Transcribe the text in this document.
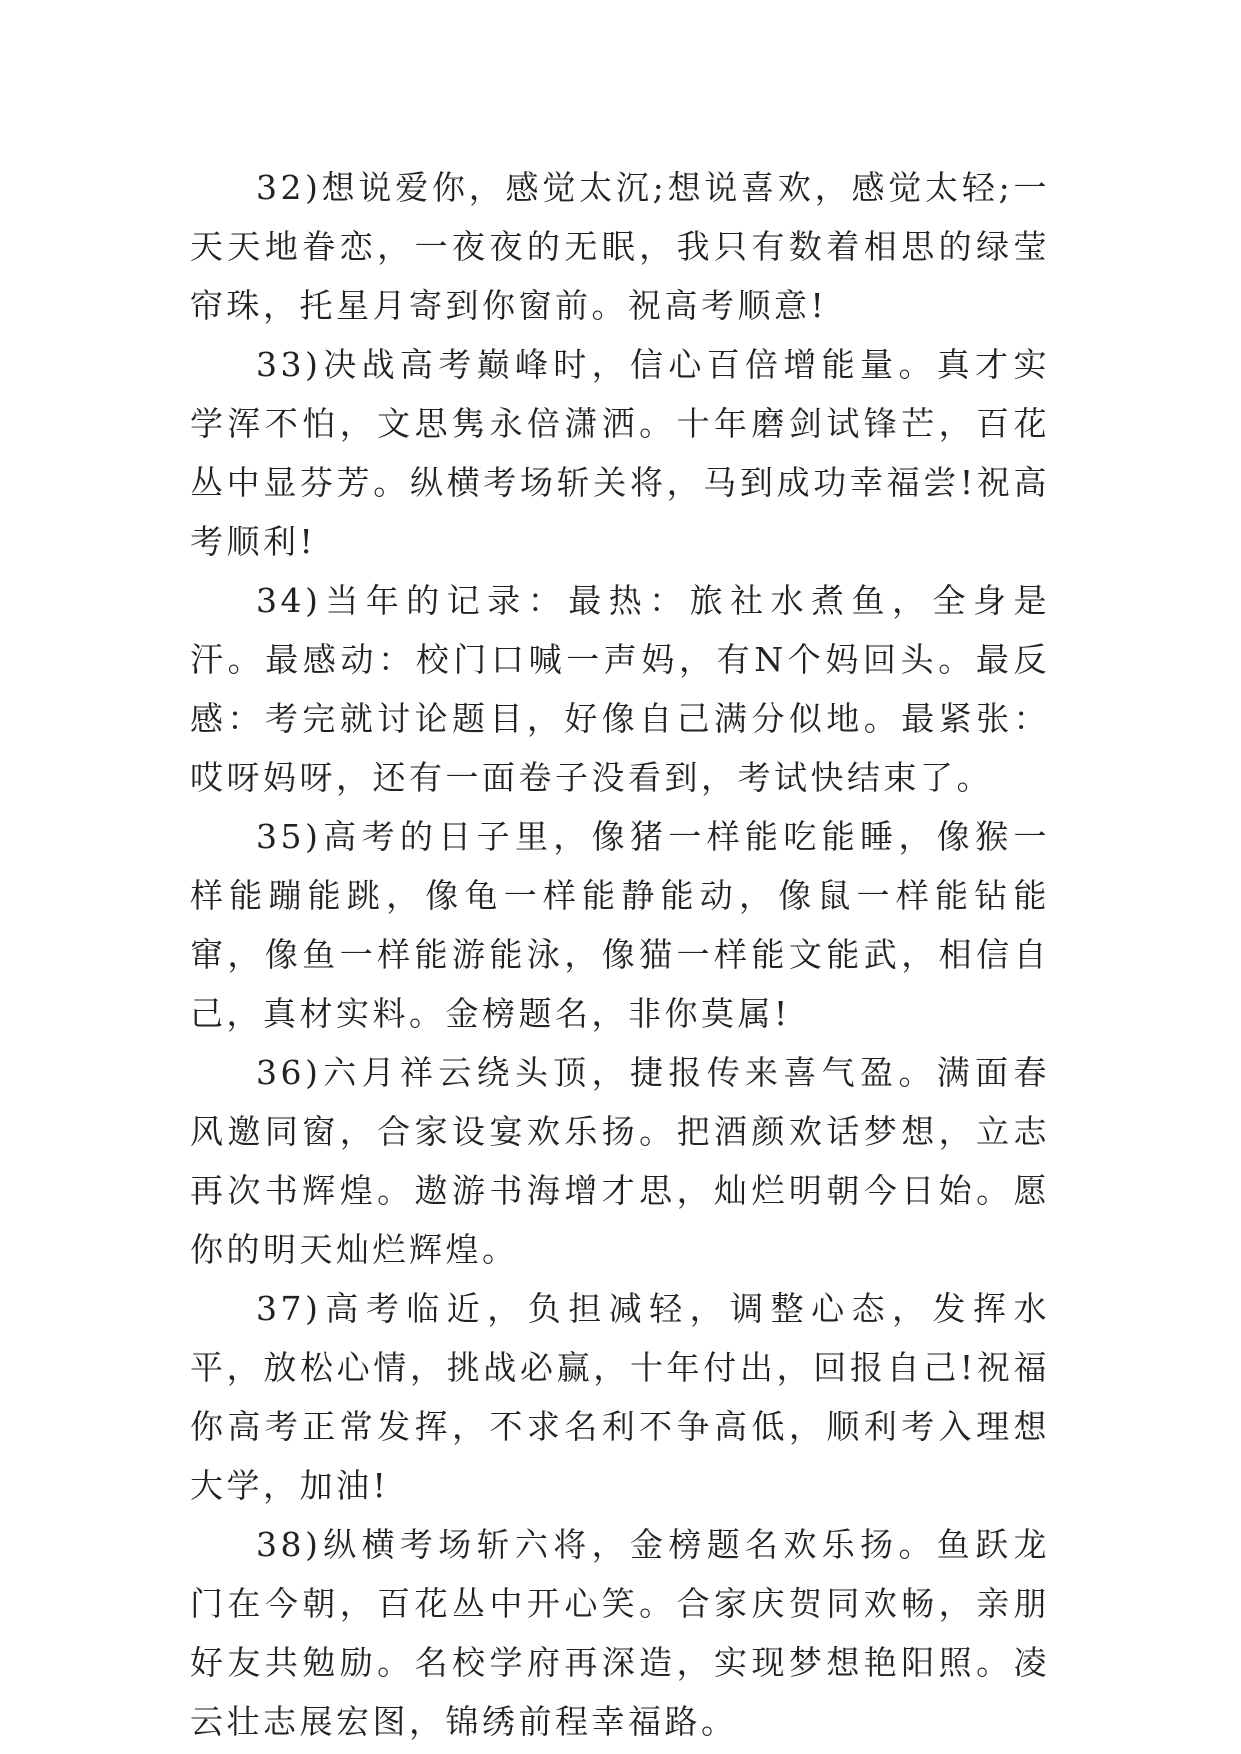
32)想说爱你，感觉太沉;想说喜欢，感觉太轻;一天天地眷恋，一夜夜的无眠，我只有数着相思的绿莹帘珠，托星月寄到你窗前。祝高考顺意!

33)决战高考巅峰时，信心百倍增能量。真才实学浑不怕，文思隽永倍潇洒。十年磨剑试锋芒，百花丛中显芬芳。纵横考场斩关将，马到成功幸福尝!祝高考顺利!

34)当年的记录：最热：旅社水煮鱼，全身是汗。最感动：校门口喊一声妈，有N个妈回头。最反感：考完就讨论题目，好像自己满分似地。最紧张：哎呀妈呀，还有一面卷子没看到，考试快结束了。

35)高考的日子里，像猪一样能吃能睡，像猴一样能蹦能跳，像龟一样能静能动，像鼠一样能钻能窜，像鱼一样能游能泳，像猫一样能文能武，相信自己，真材实料。金榜题名，非你莫属!

36)六月祥云绕头顶，捷报传来喜气盈。满面春风邀同窗，合家设宴欢乐扬。把酒颜欢话梦想，立志再次书辉煌。遨游书海增才思，灿烂明朝今日始。愿你的明天灿烂辉煌。

37)高考临近，负担减轻，调整心态，发挥水平，放松心情，挑战必赢，十年付出，回报自己!祝福你高考正常发挥，不求名利不争高低，顺利考入理想大学，加油!

38)纵横考场斩六将，金榜题名欢乐扬。鱼跃龙门在今朝，百花丛中开心笑。合家庆贺同欢畅，亲朋好友共勉励。名校学府再深造，实现梦想艳阳照。凌云壮志展宏图，锦绣前程幸福路。
